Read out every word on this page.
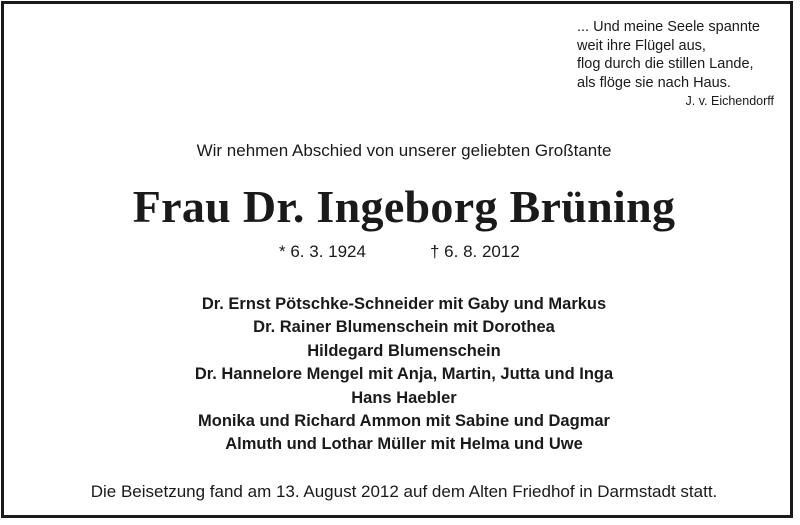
... Und meine Seele spannte
weit ihre Flügel aus,
flog durch die stillen Lande,
als flöge sie nach Haus.
J. v. Eichendorff
Wir nehmen Abschied von unserer geliebten Großtante
Frau Dr. Ingeborg Brüning
* 6. 3. 1924	† 6. 8. 2012
Dr. Ernst Pötschke-Schneider mit Gaby und Markus
Dr. Rainer Blumenschein mit Dorothea
Hildegard Blumenschein
Dr. Hannelore Mengel mit Anja, Martin, Jutta und Inga
Hans Haebler
Monika und Richard Ammon mit Sabine und Dagmar
Almuth und Lothar Müller mit Helma und Uwe
Die Beisetzung fand am 13. August 2012 auf dem Alten Friedhof in Darmstadt statt.
